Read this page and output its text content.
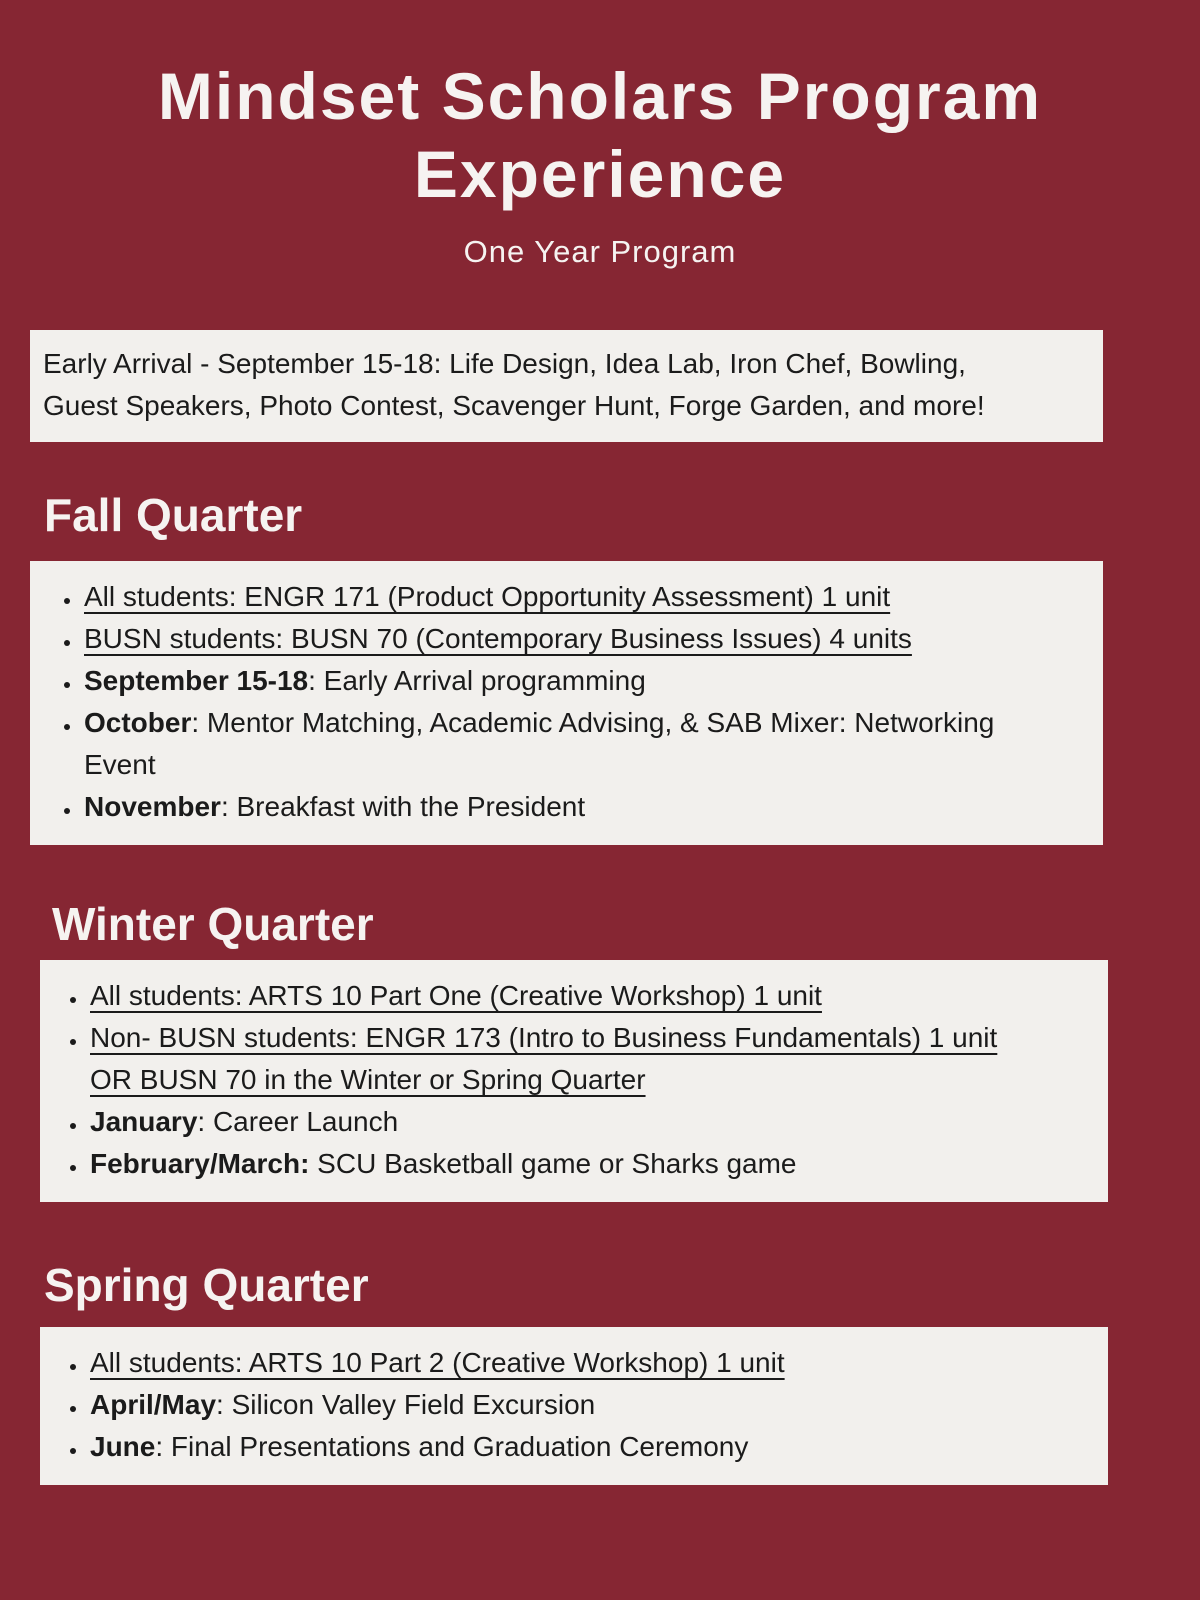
Mindset Scholars Program Experience
One Year Program
Early Arrival - September 15-18: Life Design, Idea Lab, Iron Chef, Bowling, Guest Speakers, Photo Contest, Scavenger Hunt, Forge Garden, and more!
Fall Quarter
• All students: ENGR 171 (Product Opportunity Assessment) 1 unit
• BUSN students: BUSN 70 (Contemporary Business Issues) 4 units
• September 15-18: Early Arrival programming
• October: Mentor Matching, Academic Advising, & SAB Mixer: Networking Event
• November: Breakfast with the President
Winter Quarter
• All students: ARTS 10 Part One (Creative Workshop) 1 unit
• Non- BUSN students: ENGR 173 (Intro to Business Fundamentals) 1 unit OR BUSN 70 in the Winter or Spring Quarter
• January: Career Launch
• February/March: SCU Basketball game or Sharks game
Spring Quarter
• All students: ARTS 10 Part 2 (Creative Workshop) 1 unit
• April/May: Silicon Valley Field Excursion
• June: Final Presentations and Graduation Ceremony
